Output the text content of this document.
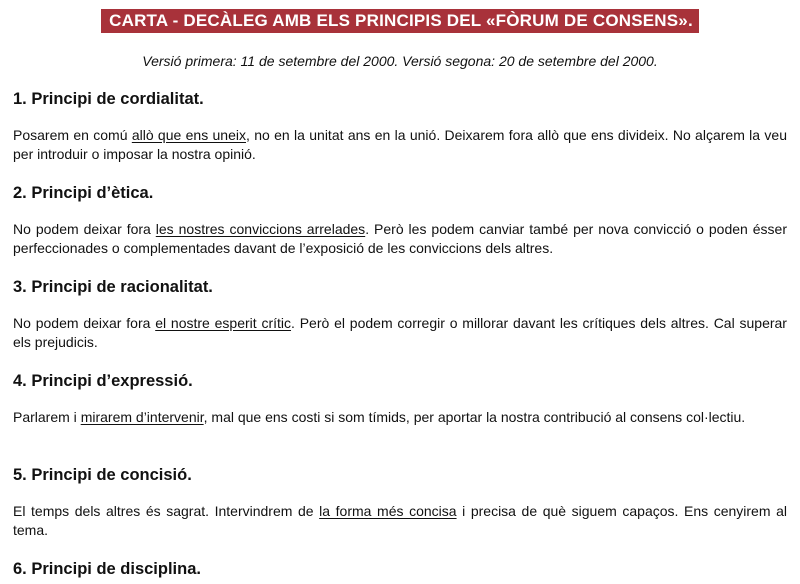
CARTA - DECÀLEG AMB ELS PRINCIPIS DEL «FÒRUM DE CONSENS».
Versió primera: 11 de setembre del 2000. Versió segona: 20 de setembre del 2000.

1. Principi de cordialitat.

Posarem en comú allò que ens uneix, no en la unitat ans en la unió. Deixarem fora allò que ens divideix. No alçarem la veu per introduir o imposar la nostra opinió.

2. Principi d’ètica.

No podem deixar fora les nostres conviccions arrelades. Però les podem canviar també per nova convicció o poden ésser perfeccionades o complementades davant de l’exposició de les conviccions dels altres.

3. Principi de racionalitat.

No podem deixar fora el nostre esperit crític. Però el podem corregir o millorar davant les crítiques dels altres. Cal superar els prejudicis.

4. Principi d’expressió.

Parlarem i mirarem d’intervenir, mal que ens costi si som tímids, per aportar la nostra contribució al consens col·lectiu.

5. Principi de concisió.

El temps dels altres és sagrat. Intervindrem de la forma més concisa i precisa de què siguem capaços. Ens cenyirem al tema.

6. Principi de disciplina.
